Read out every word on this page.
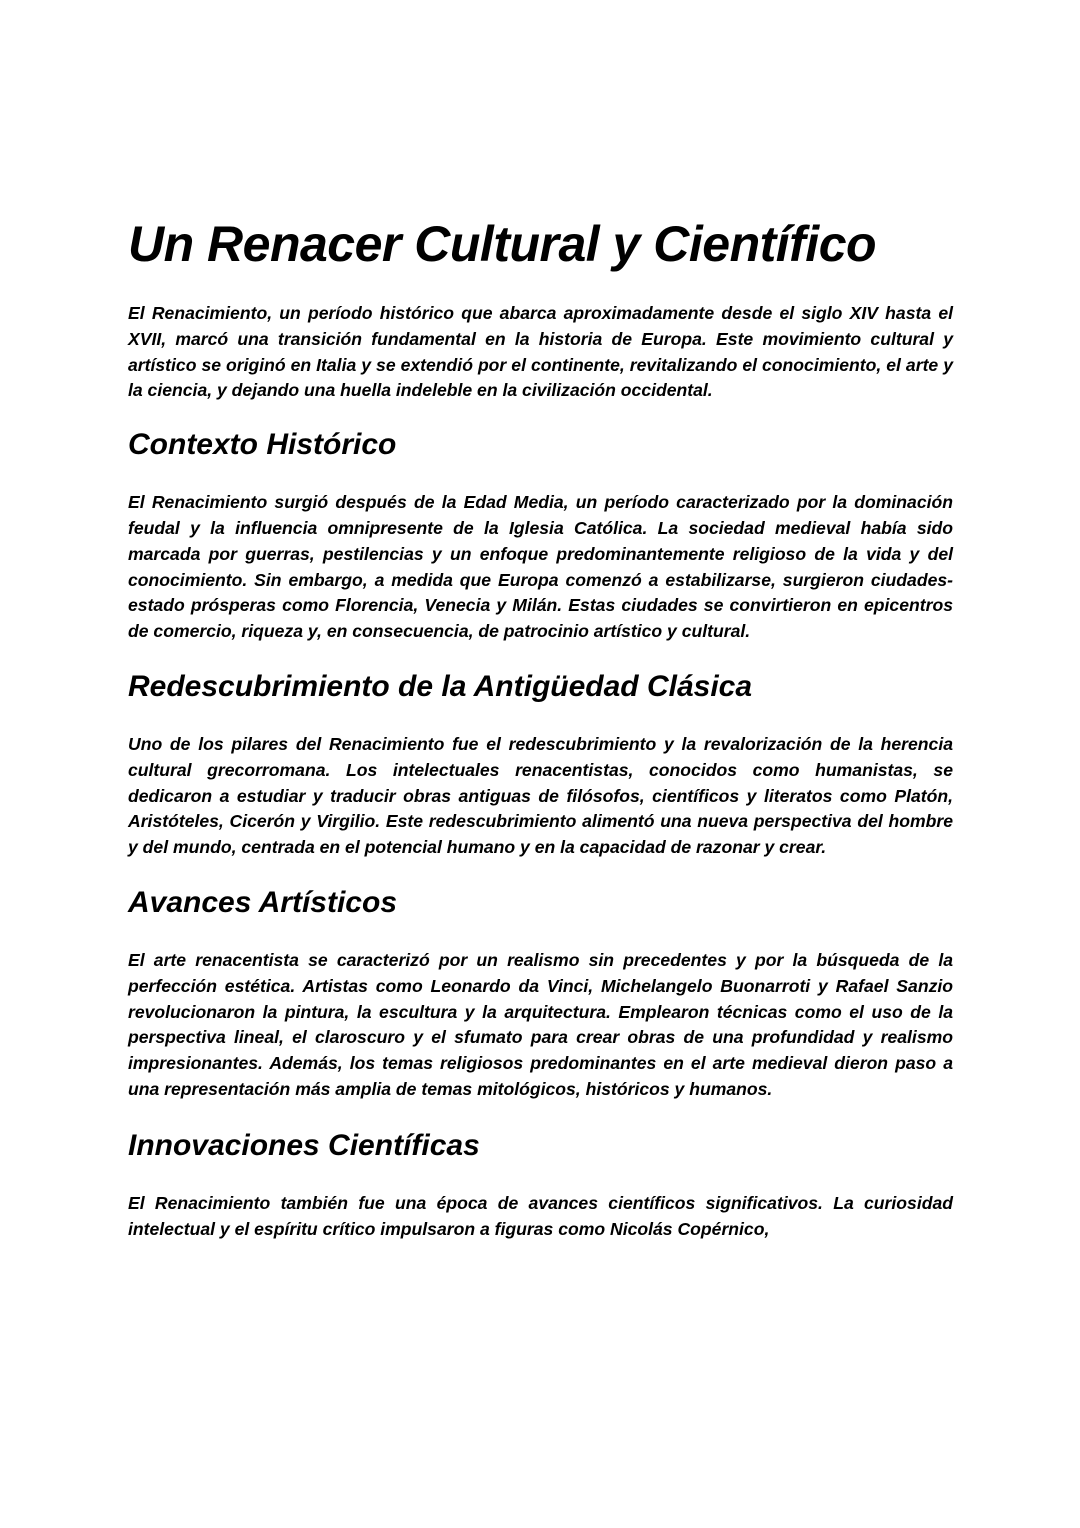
Un Renacer Cultural y Científico

El Renacimiento, un período histórico que abarca aproximadamente desde el siglo XIV hasta el XVII, marcó una transición fundamental en la historia de Europa. Este movimiento cultural y artístico se originó en Italia y se extendió por el continente, revitalizando el conocimiento, el arte y la ciencia, y dejando una huella indeleble en la civilización occidental.

Contexto Histórico

El Renacimiento surgió después de la Edad Media, un período caracterizado por la dominación feudal y la influencia omnipresente de la Iglesia Católica. La sociedad medieval había sido marcada por guerras, pestilencias y un enfoque predominantemente religioso de la vida y del conocimiento. Sin embargo, a medida que Europa comenzó a estabilizarse, surgieron ciudades-estado prósperas como Florencia, Venecia y Milán. Estas ciudades se convirtieron en epicentros de comercio, riqueza y, en consecuencia, de patrocinio artístico y cultural.

Redescubrimiento de la Antigüedad Clásica

Uno de los pilares del Renacimiento fue el redescubrimiento y la revalorización de la herencia cultural grecorromana. Los intelectuales renacentistas, conocidos como humanistas, se dedicaron a estudiar y traducir obras antiguas de filósofos, científicos y literatos como Platón, Aristóteles, Cicerón y Virgilio. Este redescubrimiento alimentó una nueva perspectiva del hombre y del mundo, centrada en el potencial humano y en la capacidad de razonar y crear.

Avances Artísticos

El arte renacentista se caracterizó por un realismo sin precedentes y por la búsqueda de la perfección estética. Artistas como Leonardo da Vinci, Michelangelo Buonarroti y Rafael Sanzio revolucionaron la pintura, la escultura y la arquitectura. Emplearon técnicas como el uso de la perspectiva lineal, el claroscuro y el sfumato para crear obras de una profundidad y realismo impresionantes. Además, los temas religiosos predominantes en el arte medieval dieron paso a una representación más amplia de temas mitológicos, históricos y humanos.

Innovaciones Científicas

El Renacimiento también fue una época de avances científicos significativos. La curiosidad intelectual y el espíritu crítico impulsaron a figuras como Nicolás Copérnico,
